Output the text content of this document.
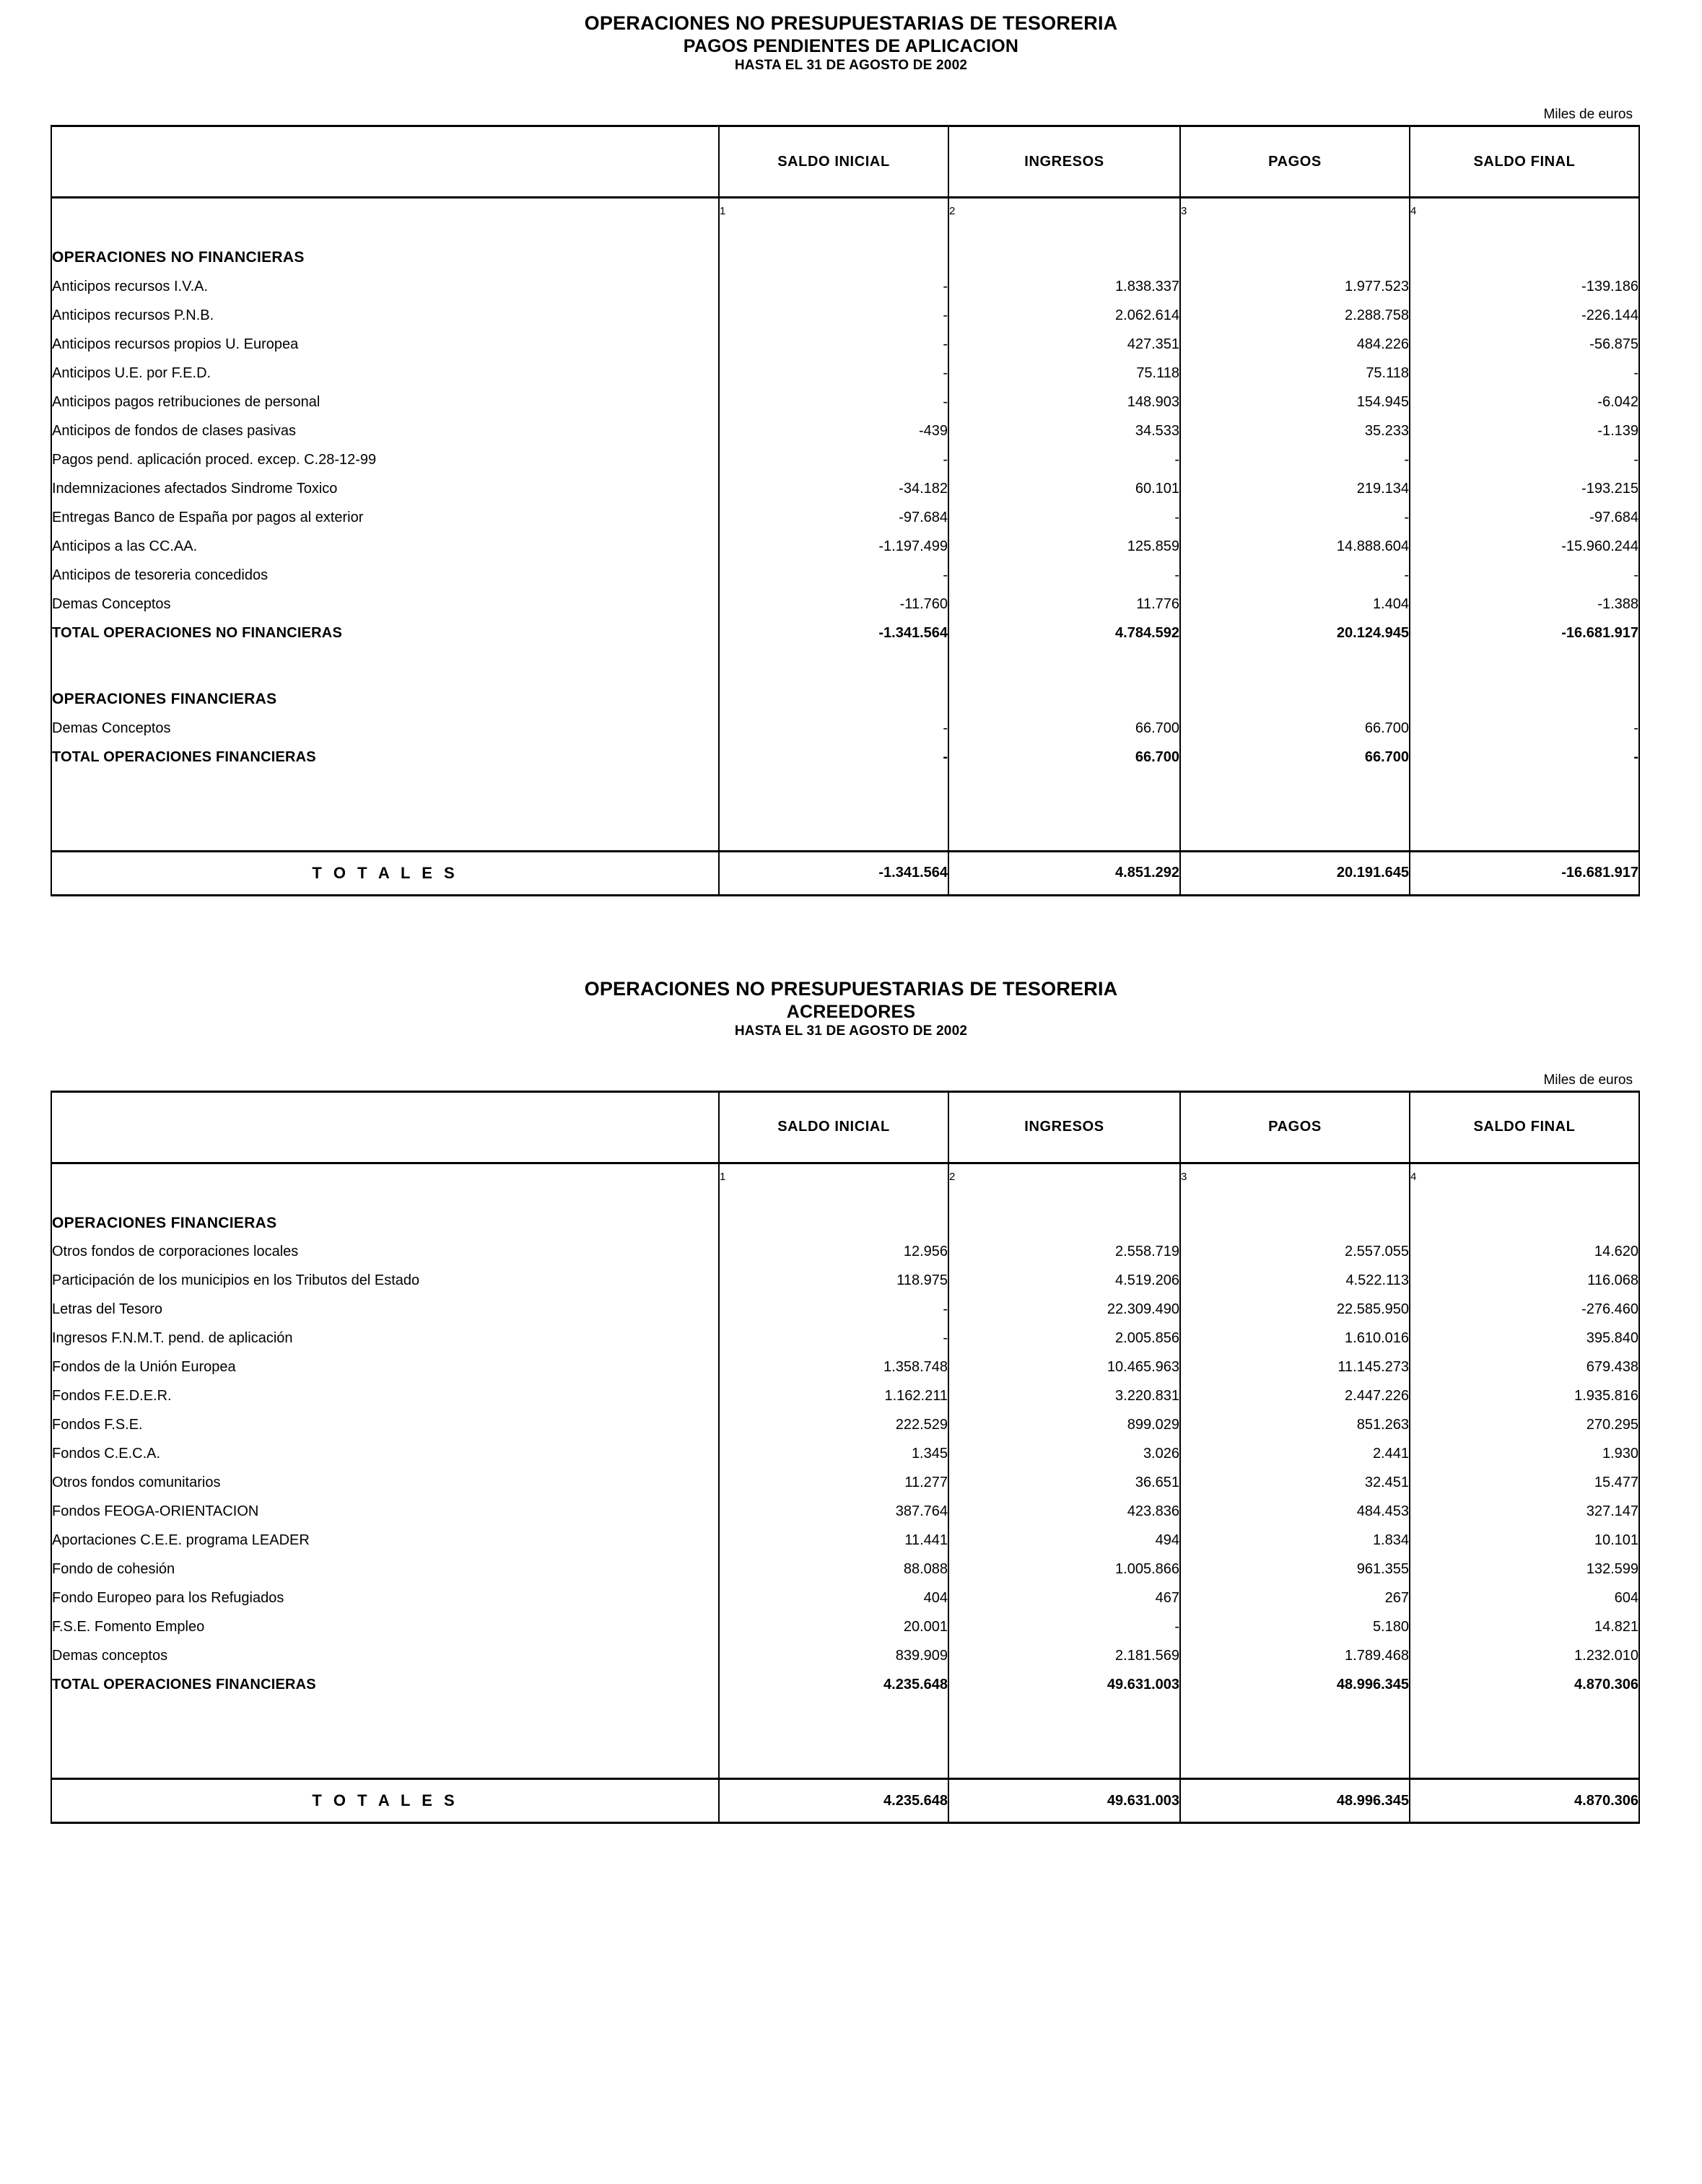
OPERACIONES NO PRESUPUESTARIAS DE TESORERIA
PAGOS PENDIENTES DE APLICACION
HASTA EL 31 DE AGOSTO DE 2002
Miles de euros
	SALDO INICIAL	INGRESOS	PAGOS	SALDO FINAL
	1	2	3	4

OPERACIONES NO FINANCIERAS				
Anticipos recursos I.V.A.	-	1.838.337	1.977.523	-139.186
Anticipos recursos P.N.B.	-	2.062.614	2.288.758	-226.144
Anticipos recursos propios U. Europea	-	427.351	484.226	-56.875
Anticipos U.E. por F.E.D.	-	75.118	75.118	-
Anticipos pagos retribuciones de personal	-	148.903	154.945	-6.042
Anticipos de fondos de clases pasivas	-439	34.533	35.233	-1.139
Pagos pend. aplicación proced. excep. C.28-12-99	-	-	-	-
Indemnizaciones afectados Sindrome Toxico	-34.182	60.101	219.134	-193.215
Entregas Banco de España por pagos al exterior	-97.684	-	-	-97.684
Anticipos a las CC.AA.	-1.197.499	125.859	14.888.604	-15.960.244
Anticipos de tesoreria concedidos	-	-	-	-
Demas Conceptos	-11.760	11.776	1.404	-1.388
TOTAL OPERACIONES NO FINANCIERAS	-1.341.564	4.784.592	20.124.945	-16.681.917

OPERACIONES FINANCIERAS				
Demas Conceptos	-	66.700	66.700	-
TOTAL OPERACIONES FINANCIERAS	-	66.700	66.700	-

T O T A L E S	-1.341.564	4.851.292	20.191.645	-16.681.917

OPERACIONES NO PRESUPUESTARIAS DE TESORERIA
ACREEDORES
HASTA EL 31 DE AGOSTO DE 2002
Miles de euros
	SALDO INICIAL	INGRESOS	PAGOS	SALDO FINAL
	1	2	3	4

OPERACIONES FINANCIERAS				
Otros fondos de corporaciones locales	12.956	2.558.719	2.557.055	14.620
Participación de los municipios en los Tributos del Estado	118.975	4.519.206	4.522.113	116.068
Letras del Tesoro	-	22.309.490	22.585.950	-276.460
Ingresos F.N.M.T. pend. de aplicación	-	2.005.856	1.610.016	395.840
Fondos de la Unión Europea	1.358.748	10.465.963	11.145.273	679.438
Fondos F.E.D.E.R.	1.162.211	3.220.831	2.447.226	1.935.816
Fondos F.S.E.	222.529	899.029	851.263	270.295
Fondos C.E.C.A.	1.345	3.026	2.441	1.930
Otros fondos comunitarios	11.277	36.651	32.451	15.477
Fondos FEOGA-ORIENTACION	387.764	423.836	484.453	327.147
Aportaciones C.E.E. programa LEADER	11.441	494	1.834	10.101
Fondo de cohesión	88.088	1.005.866	961.355	132.599
Fondo Europeo para los Refugiados	404	467	267	604
F.S.E. Fomento Empleo	20.001	-	5.180	14.821
Demas conceptos	839.909	2.181.569	1.789.468	1.232.010
TOTAL OPERACIONES FINANCIERAS	4.235.648	49.631.003	48.996.345	4.870.306

T O T A L E S	4.235.648	49.631.003	48.996.345	4.870.306
